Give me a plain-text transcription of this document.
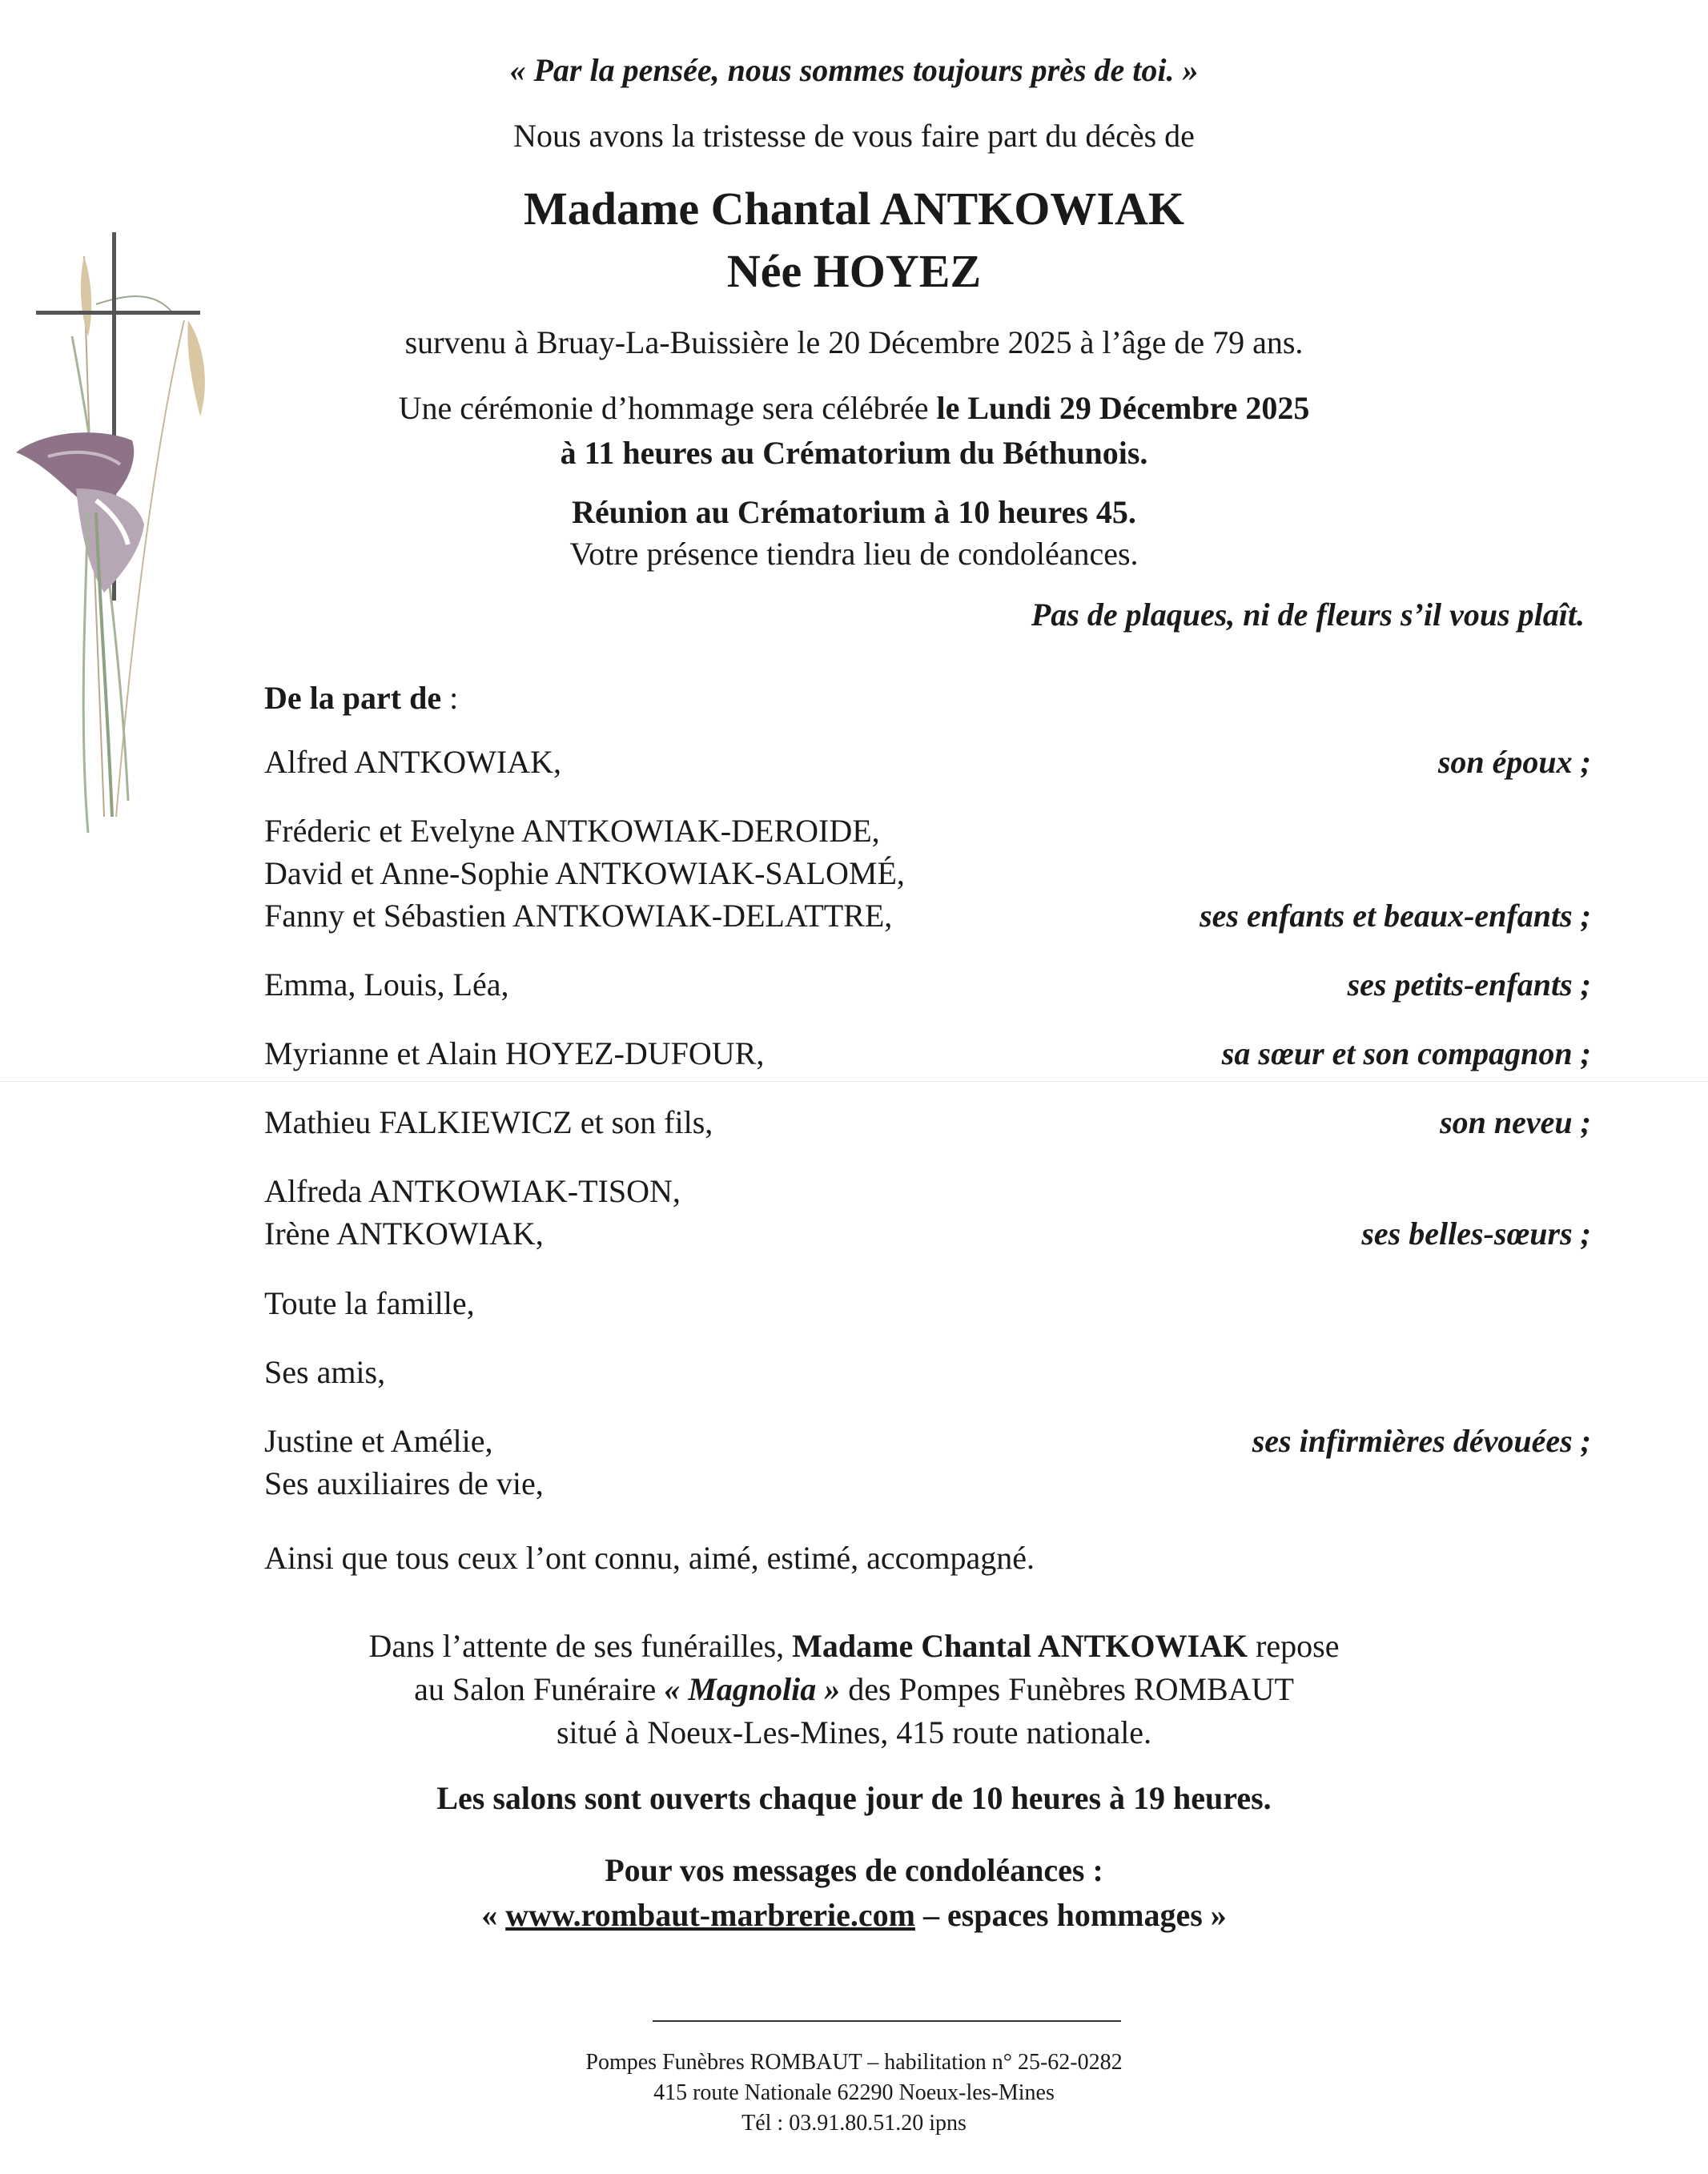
« Par la pensée, nous sommes toujours près de toi. »
Nous avons la tristesse de vous faire part du décès de
Madame Chantal ANTKOWIAK
Née HOYEZ
survenu à Bruay-La-Buissière le 20 Décembre 2025 à l’âge de 79 ans.
Une cérémonie d’hommage sera célébrée le Lundi 29 Décembre 2025
à 11 heures au Crématorium du Béthunois.
Réunion au Crématorium à 10 heures 45.
Votre présence tiendra lieu de condoléances.
Pas de plaques, ni de fleurs s’il vous plaît.
De la part de :
Alfred ANTKOWIAK,	son époux ;
Fréderic et Evelyne ANTKOWIAK-DEROIDE,
David et Anne-Sophie ANTKOWIAK-SALOMÉ,
Fanny et Sébastien ANTKOWIAK-DELATTRE,	ses enfants et beaux-enfants ;
Emma, Louis, Léa,	ses petits-enfants ;
Myrianne et Alain HOYEZ-DUFOUR,	sa sœur et son compagnon ;
Mathieu FALKIEWICZ et son fils,	son neveu ;
Alfreda ANTKOWIAK-TISON,
Irène ANTKOWIAK,	ses belles-sœurs ;
Toute la famille,
Ses amis,
Justine et Amélie,	ses infirmières dévouées ;
Ses auxiliaires de vie,
Ainsi que tous ceux l’ont connu, aimé, estimé, accompagné.
Dans l’attente de ses funérailles, Madame Chantal ANTKOWIAK repose
au Salon Funéraire « Magnolia » des Pompes Funèbres ROMBAUT
situé à Noeux-Les-Mines, 415 route nationale.
Les salons sont ouverts chaque jour de 10 heures à 19 heures.
Pour vos messages de condoléances :
« www.rombaut-marbrerie.com – espaces hommages »
Pompes Funèbres ROMBAUT – habilitation n° 25-62-0282
415 route Nationale 62290 Noeux-les-Mines
Tél : 03.91.80.51.20 ipns
